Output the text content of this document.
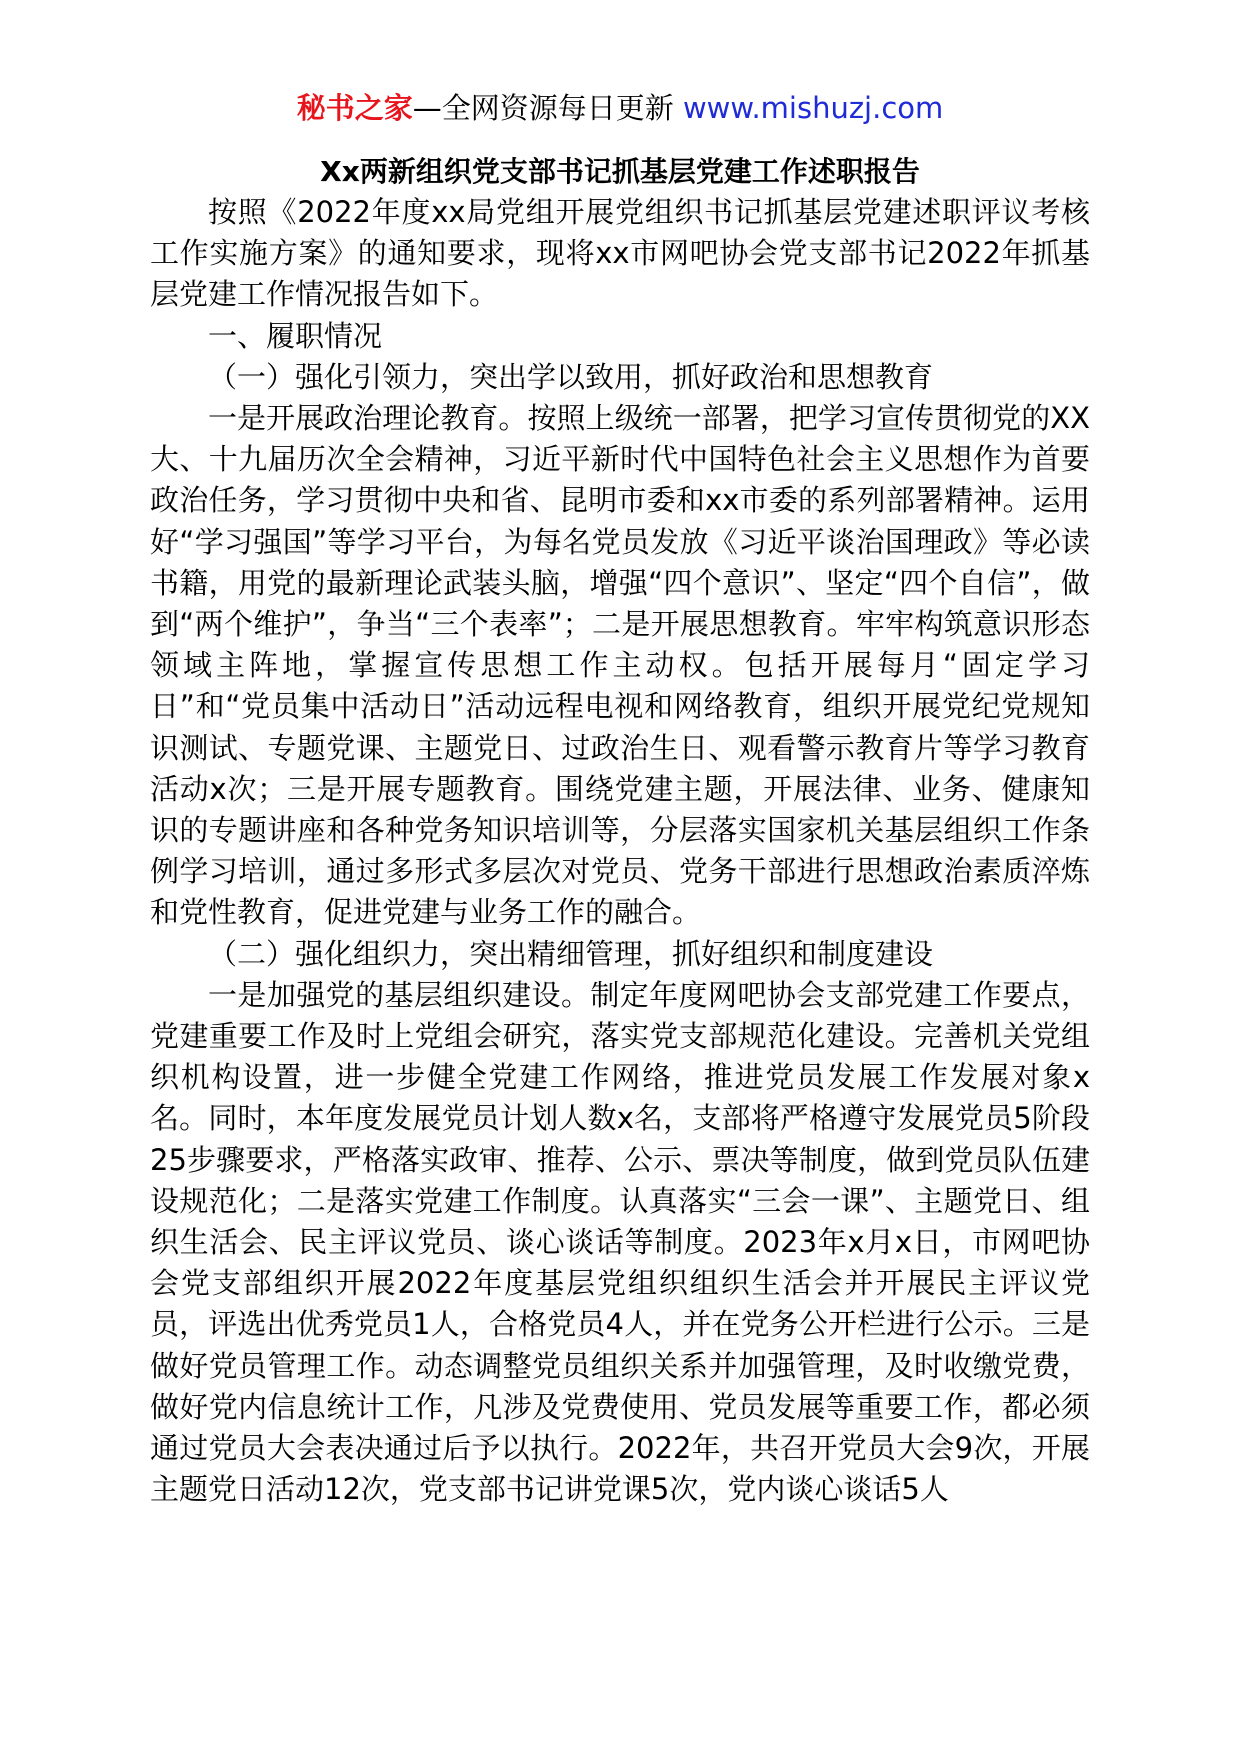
秘书之家—全网资源每日更新 www.mishuzj.com
Xx两新组织党支部书记抓基层党建工作述职报告

按照《2022年度xx局党组开展党组织书记抓基层党建述职评议考核工作实施方案》的通知要求，现将xx市网吧协会党支部书记2022年抓基层党建工作情况报告如下。

一、履职情况

（一）强化引领力，突出学以致用，抓好政治和思想教育

一是开展政治理论教育。按照上级统一部署，把学习宣传贯彻党的XX大、十九届历次全会精神，习近平新时代中国特色社会主义思想作为首要政治任务，学习贯彻中央和省、昆明市委和xx市委的系列部署精神。运用好“学习强国”等学习平台，为每名党员发放《习近平谈治国理政》等必读书籍，用党的最新理论武装头脑，增强“四个意识”、坚定“四个自信”，做到“两个维护”，争当“三个表率”；二是开展思想教育。牢牢构筑意识形态领域主阵地，掌握宣传思想工作主动权。包括开展每月“固定学习日”和“党员集中活动日”活动远程电视和网络教育，组织开展党纪党规知识测试、专题党课、主题党日、过政治生日、观看警示教育片等学习教育活动x次；三是开展专题教育。围绕党建主题，开展法律、业务、健康知识的专题讲座和各种党务知识培训等，分层落实国家机关基层组织工作条例学习培训，通过多形式多层次对党员、党务干部进行思想政治素质淬炼和党性教育，促进党建与业务工作的融合。

（二）强化组织力，突出精细管理，抓好组织和制度建设

一是加强党的基层组织建设。制定年度网吧协会支部党建工作要点，党建重要工作及时上党组会研究，落实党支部规范化建设。完善机关党组织机构设置，进一步健全党建工作网络，推进党员发展工作发展对象x名。同时，本年度发展党员计划人数x名，支部将严格遵守发展党员5阶段25步骤要求，严格落实政审、推荐、公示、票决等制度，做到党员队伍建设规范化；二是落实党建工作制度。认真落实“三会一课”、主题党日、组织生活会、民主评议党员、谈心谈话等制度。2023年x月x日，市网吧协会党支部组织开展2022年度基层党组织组织生活会并开展民主评议党员，评选出优秀党员1人，合格党员4人，并在党务公开栏进行公示。三是做好党员管理工作。动态调整党员组织关系并加强管理，及时收缴党费，做好党内信息统计工作，凡涉及党费使用、党员发展等重要工作，都必须通过党员大会表决通过后予以执行。2022年，共召开党员大会9次，开展主题党日活动12次，党支部书记讲党课5次，党内谈心谈话5人
